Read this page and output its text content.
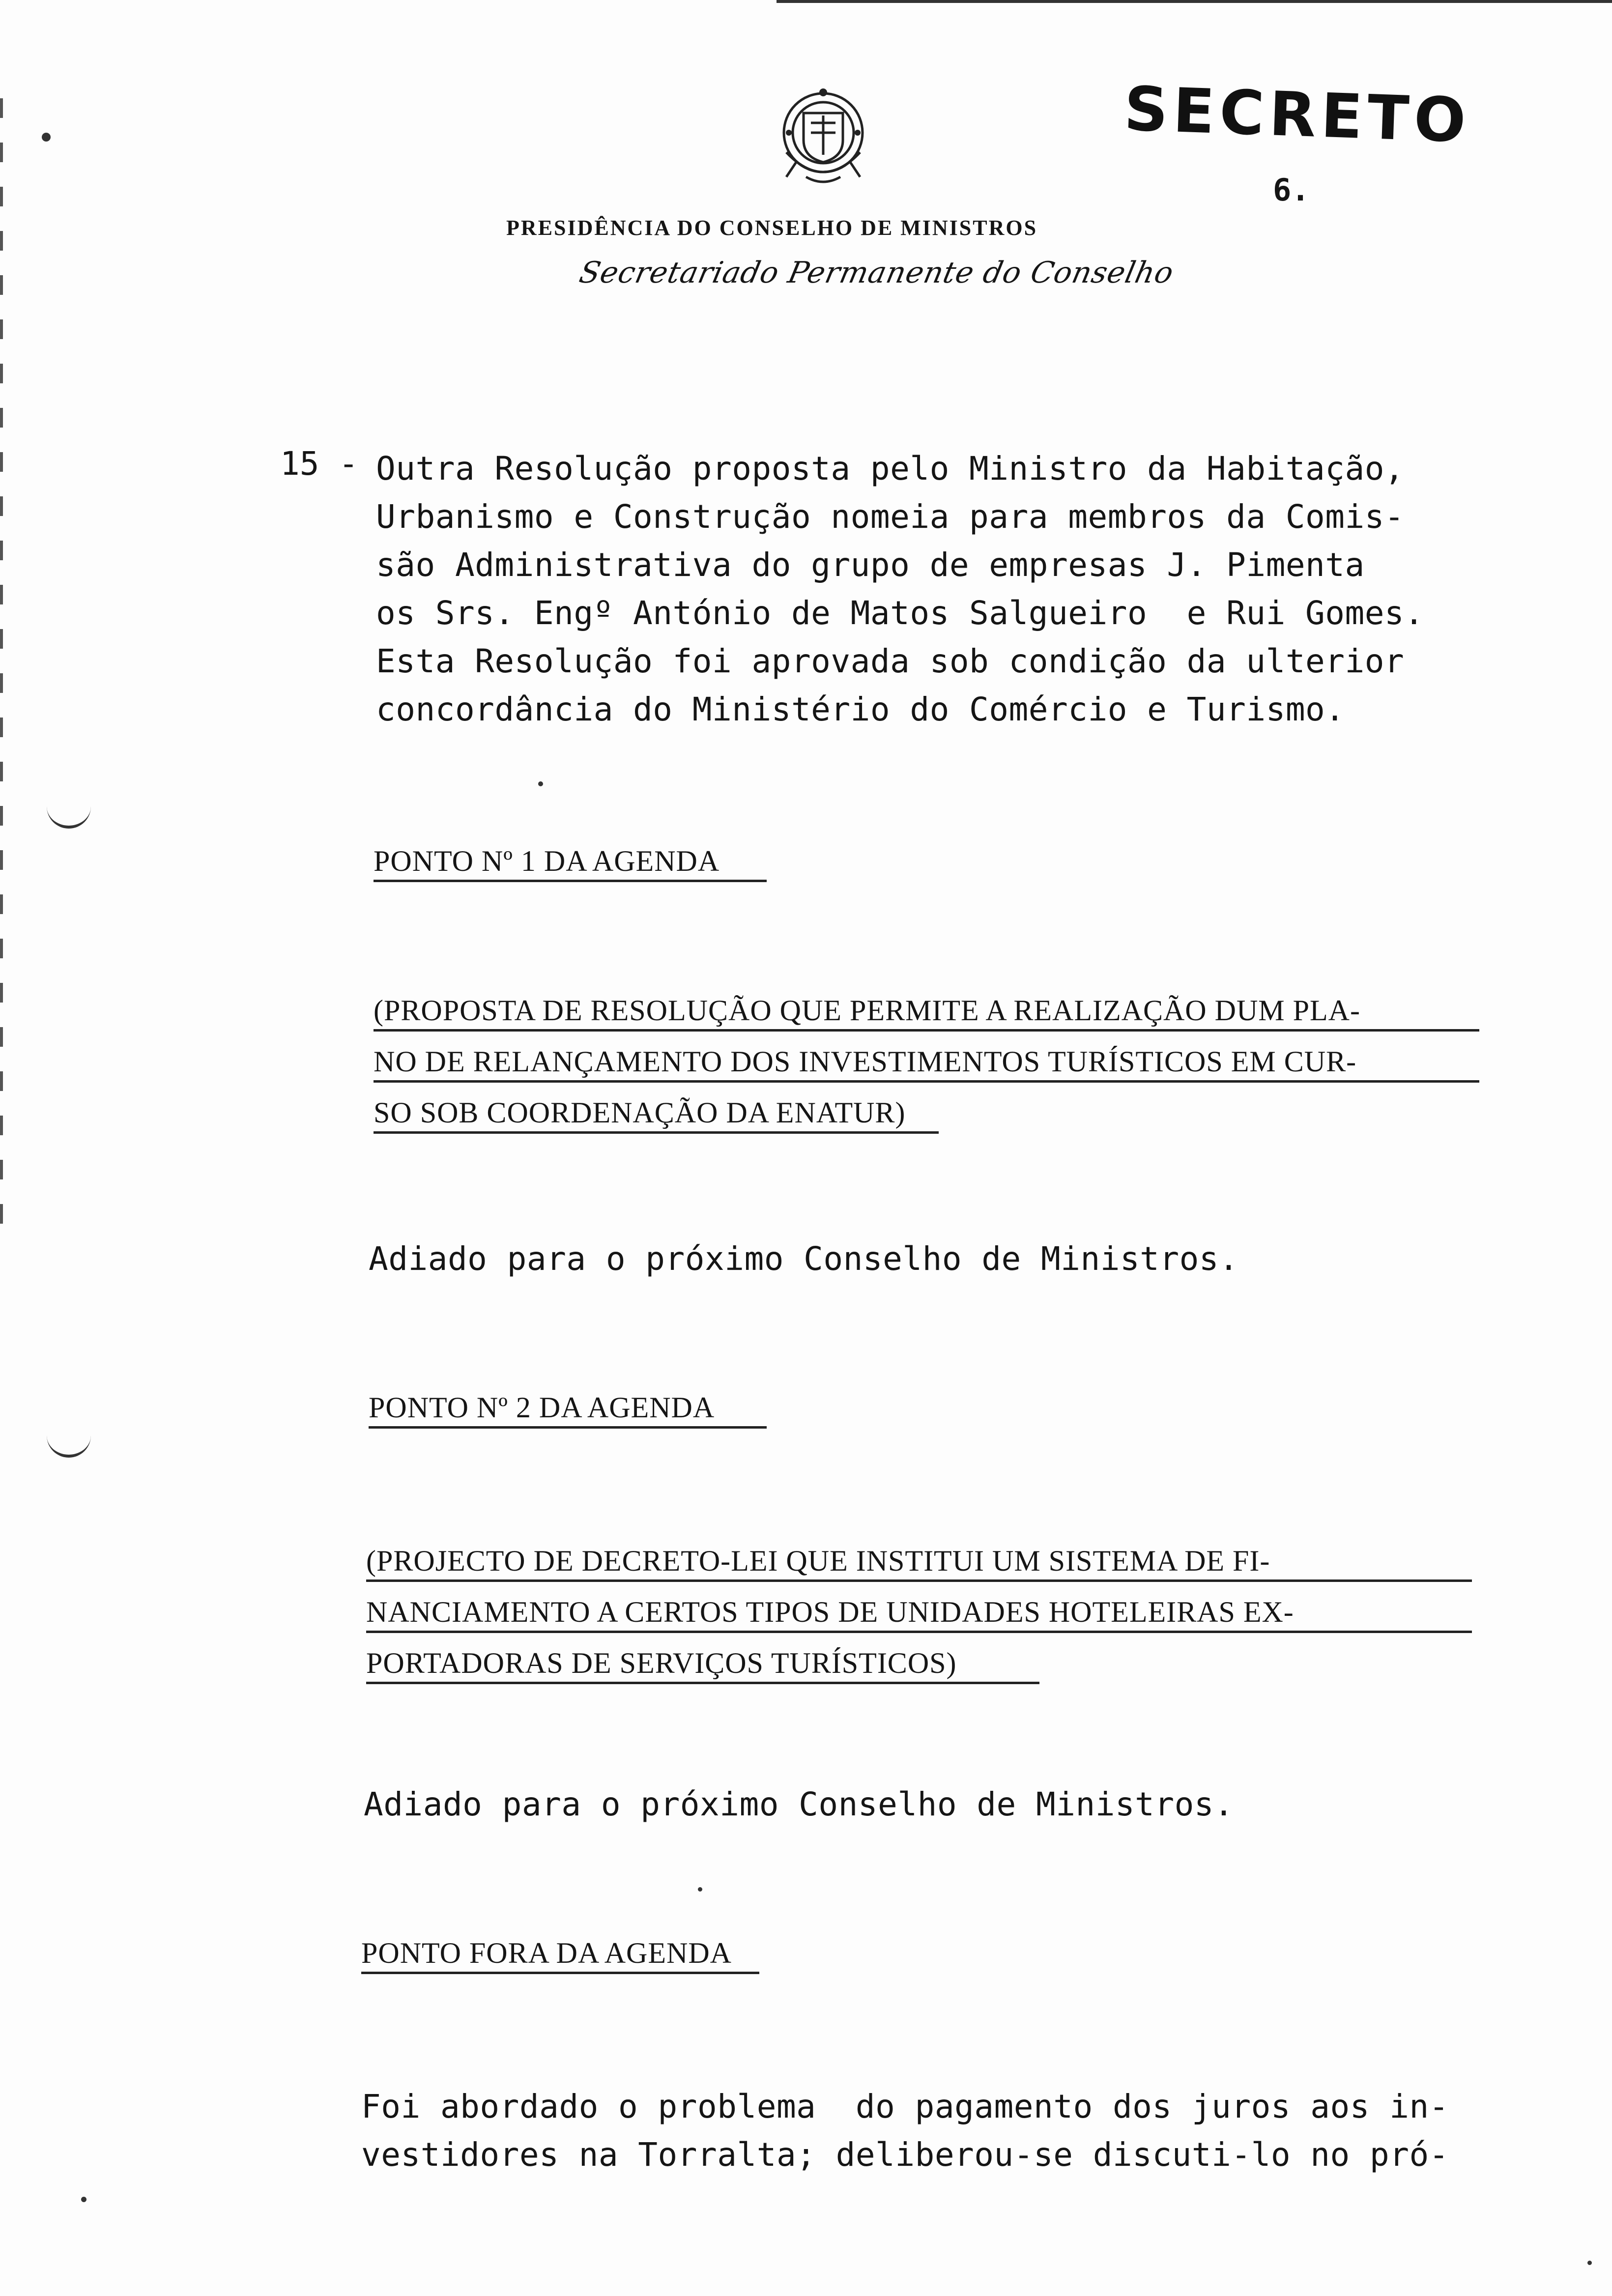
SECRETO
6.
PRESIDÊNCIA DO CONSELHO DE MINISTROS
Secretariado Permanente do Conselho
15 - Outra Resolução proposta pelo Ministro da Habitação,
Urbanismo e Construção nomeia para membros da Comis-
são Administrativa do grupo de empresas J. Pimenta
os Srs. Engº António de Matos Salgueiro  e Rui Gomes.
Esta Resolução foi aprovada sob condição da ulterior
concordância do Ministério do Comércio e Turismo.
PONTO Nº 1 DA AGENDA
(PROPOSTA DE RESOLUÇÃO QUE PERMITE A REALIZAÇÃO DUM PLA-
NO DE RELANÇAMENTO DOS INVESTIMENTOS TURÍSTICOS EM CUR-
SO SOB COORDENAÇÃO DA ENATUR)
Adiado para o próximo Conselho de Ministros.
PONTO Nº 2 DA AGENDA
(PROJECTO DE DECRETO-LEI QUE INSTITUI UM SISTEMA DE FI-
NANCIAMENTO A CERTOS TIPOS DE UNIDADES HOTELEIRAS EX-
PORTADORAS DE SERVIÇOS TURÍSTICOS)
Adiado para o próximo Conselho de Ministros.
PONTO FORA DA AGENDA
Foi abordado o problema  do pagamento dos juros aos in-
vestidores na Torralta; deliberou-se discuti-lo no pró-
